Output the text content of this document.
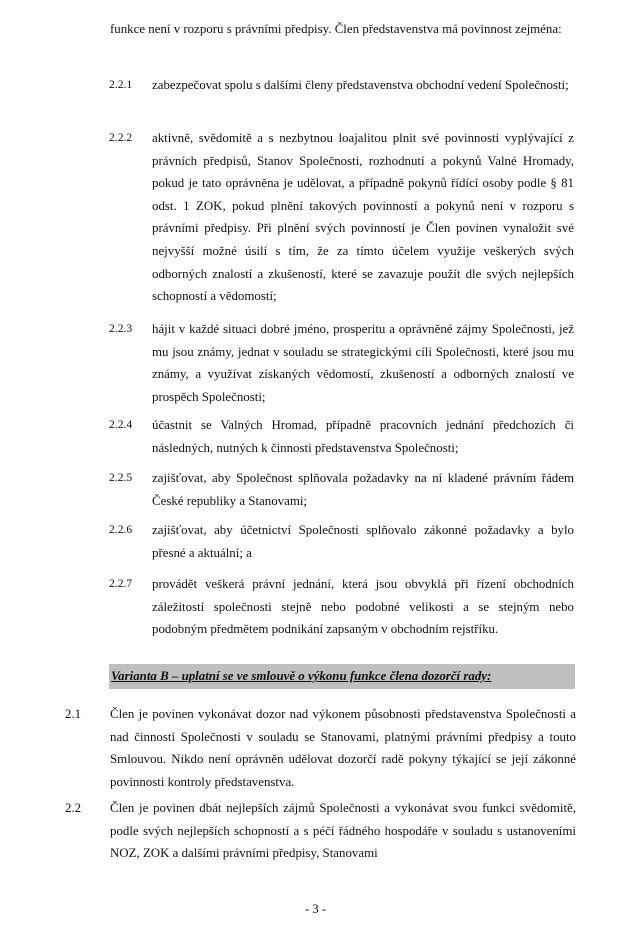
funkce není v rozporu s právními předpisy. Člen představenstva má povinnost zejména:
2.2.1 zabezpečovat spolu s dalšími členy představenstva obchodní vedení Společnosti;
2.2.2 aktivně, svědomitě a s nezbytnou loajalitou plnit své povinnosti vyplývající z právních předpisů, Stanov Společnosti, rozhodnutí a pokynů Valné Hromady, pokud je tato oprávněna je udělovat, a případně pokynů řídící osoby podle § 81 odst. 1 ZOK, pokud plnění takových povinností a pokynů není v rozporu s právními předpisy. Při plnění svých povinností je Člen povinen vynaložit své nejvyšší možné úsilí s tím, že za tímto účelem využije veškerých svých odborných znalostí a zkušeností, které se zavazuje použít dle svých nejlepších schopností a vědomostí;
2.2.3 hájit v každé situaci dobré jméno, prosperitu a oprávněné zájmy Společnosti, jež mu jsou známy, jednat v souladu se strategickými cíli Společnosti, které jsou mu známy, a využívat získaných vědomostí, zkušeností a odborných znalostí ve prospěch Společnosti;
2.2.4 účastnit se Valných Hromad, případně pracovních jednání předchozích či následných, nutných k činnosti představenstva Společnosti;
2.2.5 zajišťovat, aby Společnost splňovala požadavky na ní kladené právním řádem České republiky a Stanovami;
2.2.6 zajišťovat, aby účetnictví Společnosti splňovalo zákonné požadavky a bylo přesné a aktuální; a
2.2.7 provádět veškerá právní jednání, která jsou obvyklá při řízení obchodních záležitostí společnosti stejně nebo podobné velikosti a se stejným nebo podobným předmětem podnikání zapsaným v obchodním rejstříku.
Varianta B – uplatní se ve smlouvě o výkonu funkce člena dozorčí rady:
2.1 Člen je povinen vykonávat dozor nad výkonem působnosti představenstva Společnosti a nad činností Společnosti v souladu se Stanovami, platnými právními předpisy a touto Smlouvou. Nikdo není oprávněn udělovat dozorčí radě pokyny týkající se její zákonné povinnosti kontroly představenstva.
2.2 Člen je povinen dbát nejlepších zájmů Společnosti a vykonávat svou funkci svědomitě, podle svých nejlepších schopností a s péčí řádného hospodáře v souladu s ustanoveními NOZ, ZOK a dalšími právními předpisy, Stanovami
- 3 -
